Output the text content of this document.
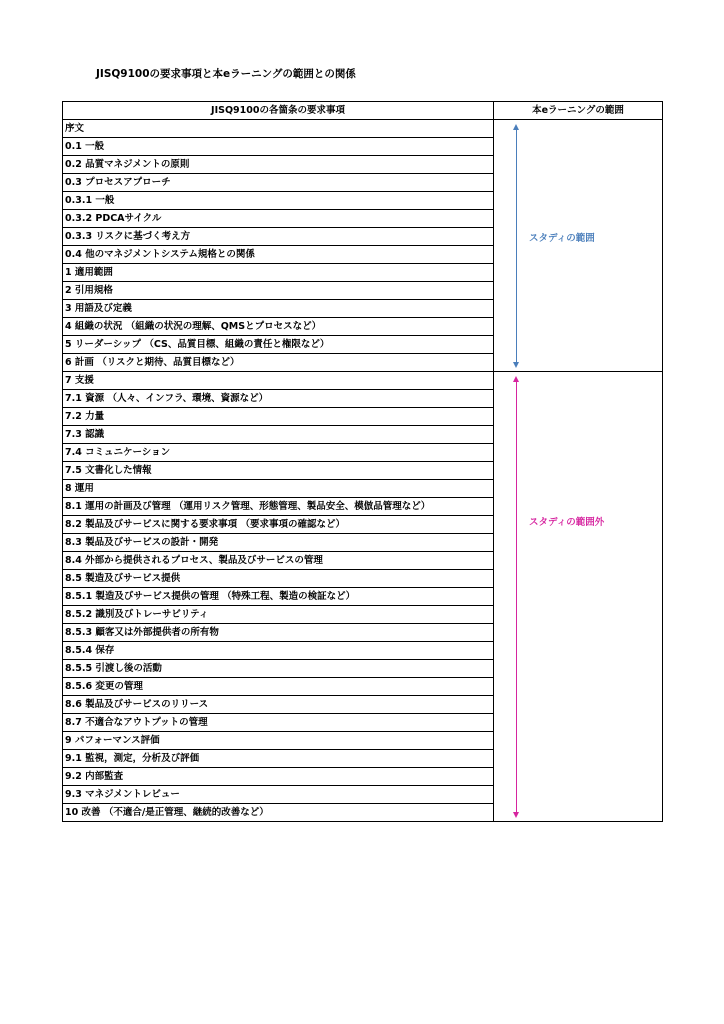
JISQ9100の要求事項と本eラーニングの範囲との関係
JISQ9100の各箇条の要求事項	本eラーニングの範囲
序文	スタディの範囲

0.1 一般	
0.2 品質マネジメントの原則	
0.3 プロセスアプローチ	
0.3.1 一般	
0.3.2 PDCAサイクル	
0.3.3 リスクに基づく考え方	
0.4 他のマネジメントシステム規格との関係	
1 適用範囲	
2 引用規格	
3 用語及び定義	
4 組織の状況 （組織の状況の理解、QMSとプロセスなど）	
5 リーダーシップ （CS、品質目標、組織の責任と権限など）	
6 計画 （リスクと期待、品質目標など）	
7 支援	スタディの範囲外

7.1 資源 （人々、インフラ、環境、資源など）	
7.2 力量	
7.3 認識	
7.4 コミュニケーション	
7.5 文書化した情報	
8 運用	
8.1 運用の計画及び管理 （運用リスク管理、形態管理、製品安全、模倣品管理など）	
8.2 製品及びサービスに関する要求事項 （要求事項の確認など）	
8.3 製品及びサービスの設計・開発	
8.4 外部から提供されるプロセス、製品及びサービスの管理	
8.5 製造及びサービス提供	
8.5.1 製造及びサービス提供の管理 （特殊工程、製造の検証など）	
8.5.2 識別及びトレーサビリティ	
8.5.3 顧客又は外部提供者の所有物	
8.5.4 保存	
8.5.5 引渡し後の活動	
8.5.6 変更の管理	
8.6 製品及びサービスのリリース	
8.7 不適合なアウトプットの管理	
9 パフォーマンス評価	
9.1 監視，測定，分析及び評価	
9.2 内部監査	
9.3 マネジメントレビュー	
10 改善 （不適合/是正管理、継続的改善など）	
